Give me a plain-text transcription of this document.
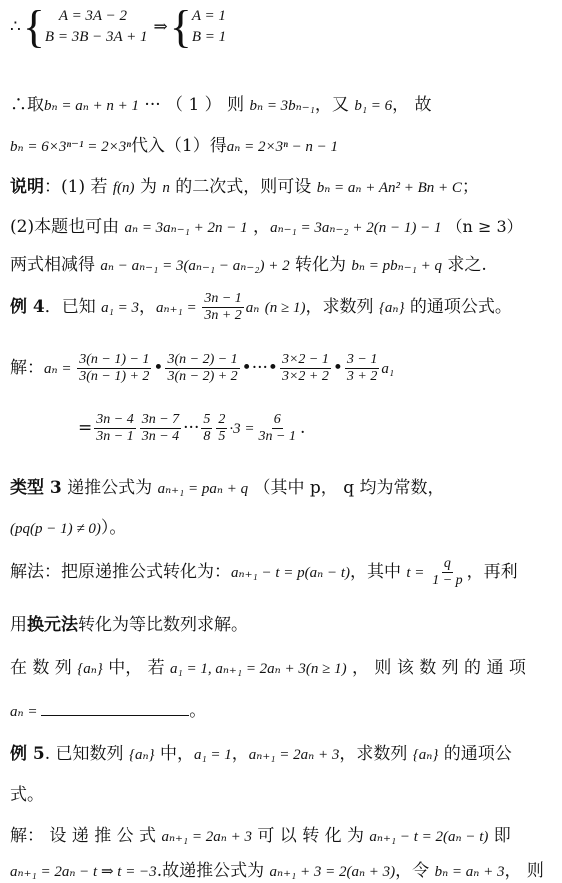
∴ { A = 3A − 2
B = 3B − 3A + 1 ⇒ { A = 1
B = 1
∴取bₙ = aₙ + n + 1 ··· （ 1 ） 则 bₙ = 3bₙ₋₁，又 b₁ = 6， 故
bₙ = 6×3ⁿ⁻¹ = 2×3ⁿ代入（1）得aₙ = 2×3ⁿ − n − 1
说明：(1) 若 f(n) 为 n 的二次式，则可设 bₙ = aₙ + An² + Bn + C；
(2)本题也可由 aₙ = 3aₙ₋₁ + 2n − 1 ，aₙ₋₁ = 3aₙ₋₂ + 2(n − 1) − 1 （n ≥ 3）
两式相减得 aₙ − aₙ₋₁ = 3(aₙ₋₁ − aₙ₋₂) + 2 转化为 bₙ = pbₙ₋₁ + q 求之.
例 4．已知 a₁ = 3，$a_{n+1} = \frac{3n - 1}{3n + 2}$ aₙ (n ≥ 1)，求数列 {aₙ} 的通项公式。
解：$a_n = \frac{3(n - 1) - 1}{3(n - 1) + 2}$ • $\frac{3(n - 2) - 1}{3(n - 2) + 2}$ •···• $\frac{3\times 2 - 1}{3\times 2 + 2}$ • $\frac{3 - 1}{3 + 2} a_1$
= $\frac{3n - 4}{3n - 1} \frac{3n - 7}{3n - 4}$ ··· $\frac{5}{8} \frac{2}{5} \cdot 3 = \frac{6}{3n - 1}$ .
类型 3 递推公式为 aₙ₊₁ = paₙ + q （其中 p， q 均为常数，
(pq(p − 1) ≠ 0)）。
解法：把原递推公式转化为：aₙ₊₁ − t = p(aₙ − t)，其中 $t = \frac{q}{1 - p}$ ，再利
用换元法转化为等比数列求解。
在 数 列 {aₙ} 中， 若 a₁ = 1, aₙ₊₁ = 2aₙ + 3(n ≥ 1) ， 则 该 数 列 的 通 项
aₙ =	。
例 5. 已知数列 {aₙ} 中，a₁ = 1，aₙ₊₁ = 2aₙ + 3，求数列 {aₙ} 的通项公
式。
解： 设 递 推 公 式 aₙ₊₁ = 2aₙ + 3 可 以 转 化 为 aₙ₊₁ − t = 2(aₙ − t) 即
aₙ₊₁ = 2aₙ − t ⇒ t = −3.故递推公式为 aₙ₊₁ + 3 = 2(aₙ + 3)，令 bₙ = aₙ + 3， 则
